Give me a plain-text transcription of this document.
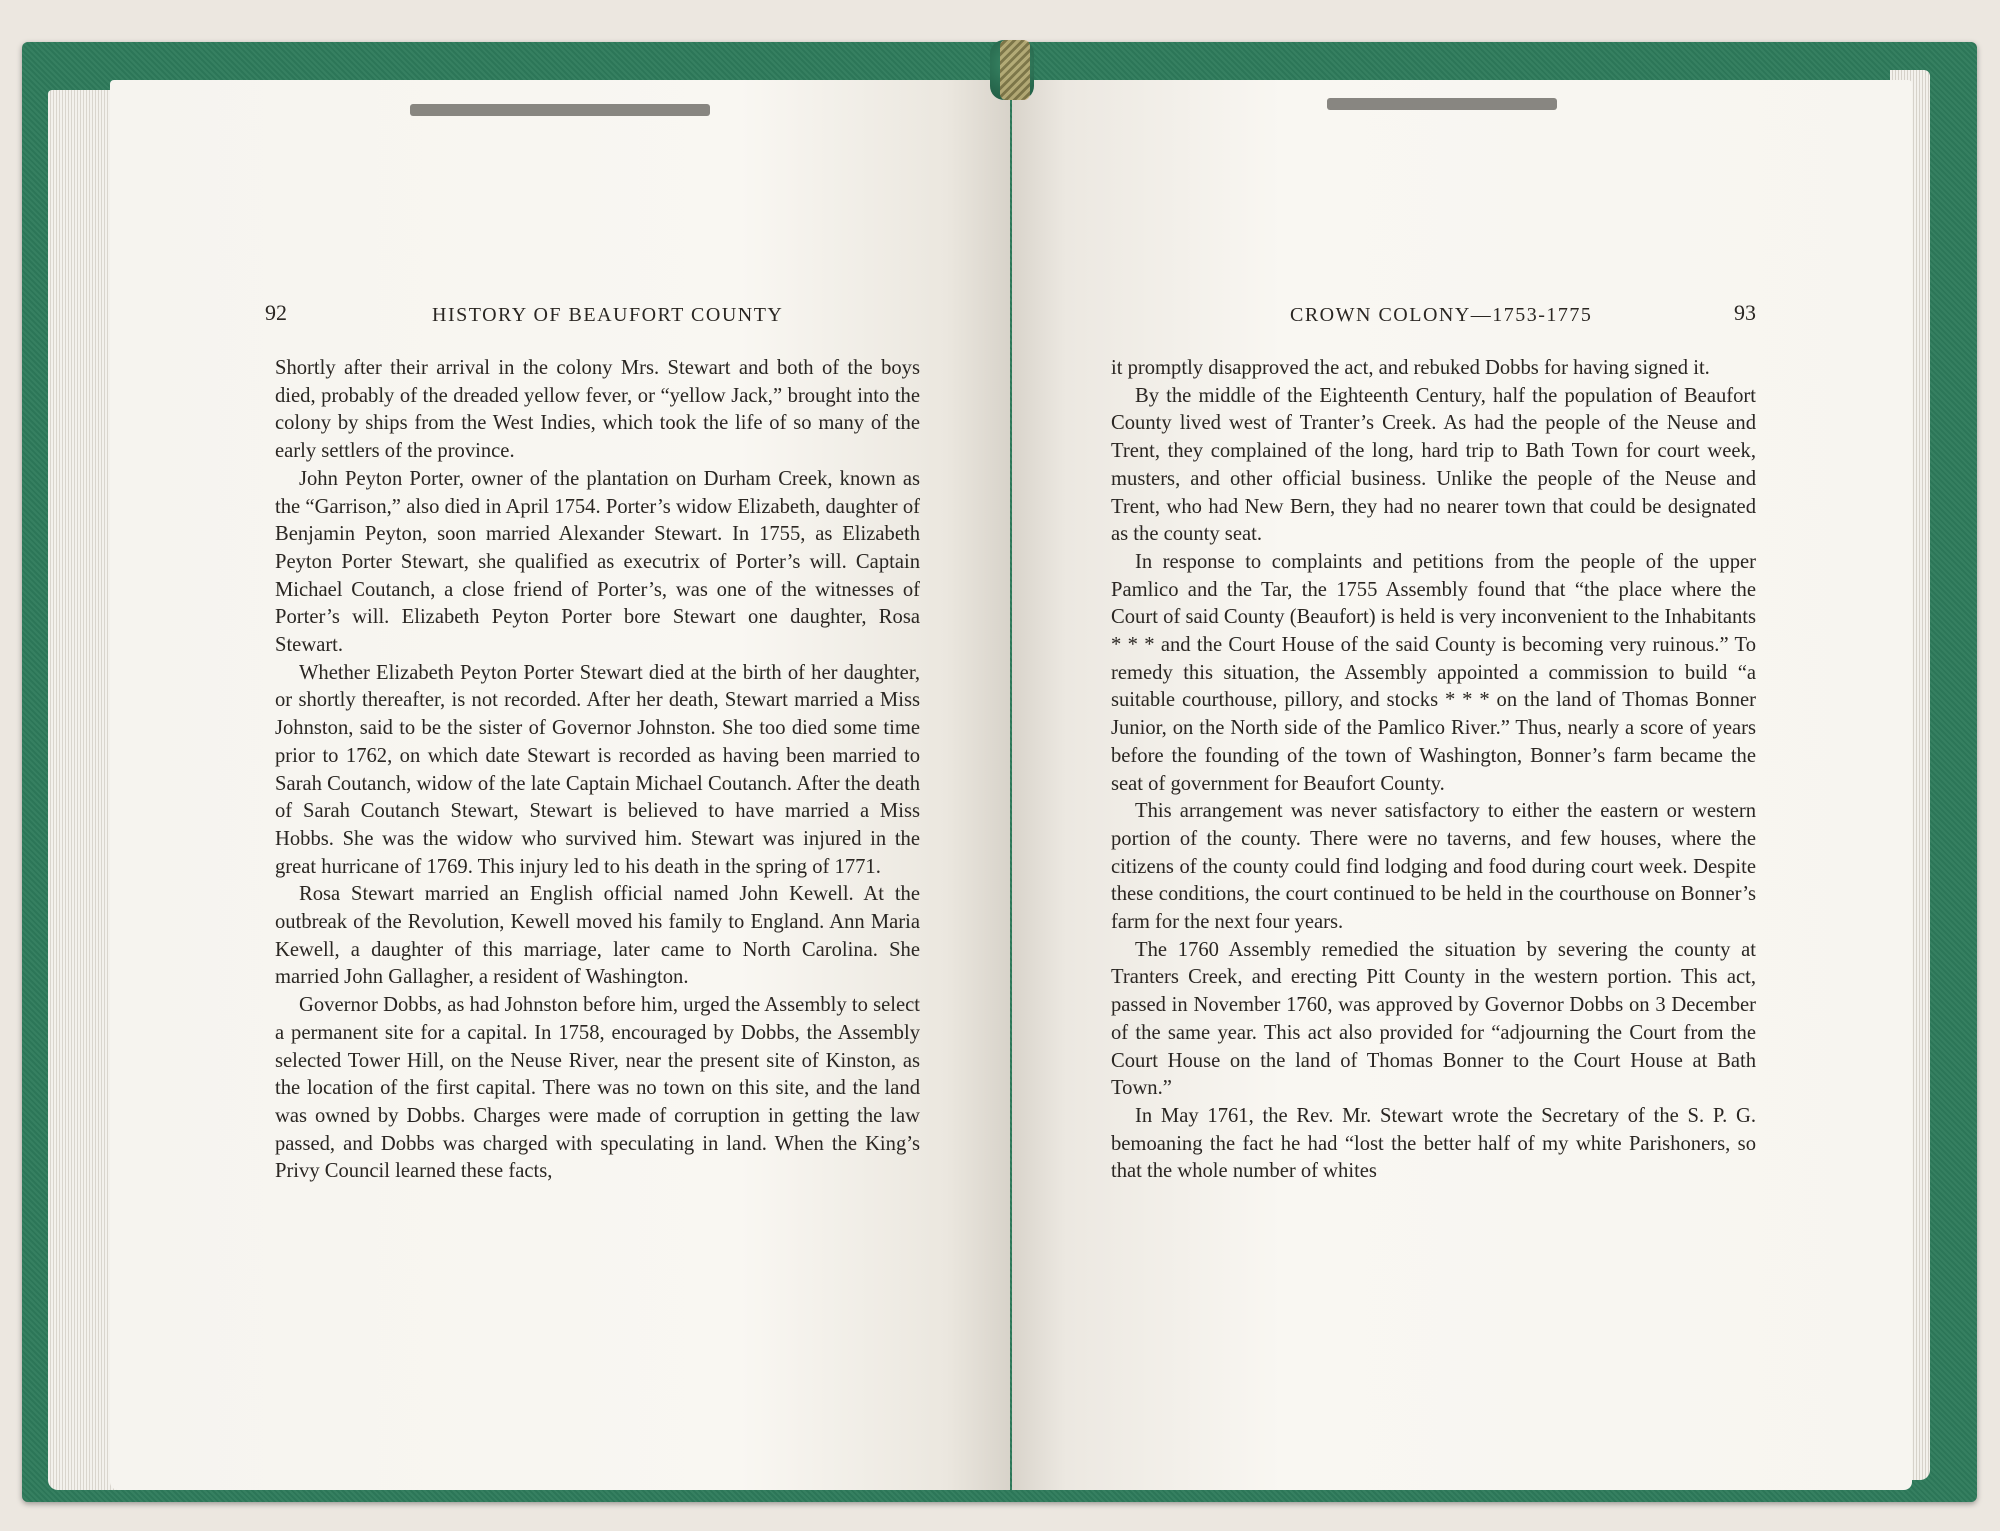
92	HISTORY OF BEAUFORT COUNTY

Shortly after their arrival in the colony Mrs. Stewart and both of the boys died, probably of the dreaded yellow fever, or “yellow Jack,” brought into the colony by ships from the West Indies, which took the life of so many of the early settlers of the province.

John Peyton Porter, owner of the plantation on Durham Creek, known as the “Garrison,” also died in April 1754. Porter’s widow Elizabeth, daughter of Benjamin Peyton, soon married Alexander Stewart. In 1755, as Elizabeth Peyton Porter Stewart, she qualified as executrix of Porter’s will. Captain Michael Coutanch, a close friend of Porter’s, was one of the witnesses of Porter’s will. Elizabeth Peyton Porter bore Stewart one daughter, Rosa Stewart.

Whether Elizabeth Peyton Porter Stewart died at the birth of her daughter, or shortly thereafter, is not recorded. After her death, Stewart married a Miss Johnston, said to be the sister of Governor Johnston. She too died some time prior to 1762, on which date Stewart is recorded as having been married to Sarah Coutanch, widow of the late Captain Michael Coutanch. After the death of Sarah Coutanch Stewart, Stewart is believed to have married a Miss Hobbs. She was the widow who survived him. Stewart was injured in the great hurricane of 1769. This injury led to his death in the spring of 1771.

Rosa Stewart married an English official named John Kewell. At the outbreak of the Revolution, Kewell moved his family to England. Ann Maria Kewell, a daughter of this marriage, later came to North Carolina. She married John Gallagher, a resident of Washington.

Governor Dobbs, as had Johnston before him, urged the Assembly to select a permanent site for a capital. In 1758, encouraged by Dobbs, the Assembly selected Tower Hill, on the Neuse River, near the present site of Kinston, as the location of the first capital. There was no town on this site, and the land was owned by Dobbs. Charges were made of corruption in getting the law passed, and Dobbs was charged with speculating in land. When the King’s Privy Council learned these facts,

CROWN COLONY—1753-1775	93

it promptly disapproved the act, and rebuked Dobbs for having signed it.

By the middle of the Eighteenth Century, half the population of Beaufort County lived west of Tranter’s Creek. As had the people of the Neuse and Trent, they complained of the long, hard trip to Bath Town for court week, musters, and other official business. Unlike the people of the Neuse and Trent, who had New Bern, they had no nearer town that could be designated as the county seat.

In response to complaints and petitions from the people of the upper Pamlico and the Tar, the 1755 Assembly found that “the place where the Court of said County (Beaufort) is held is very inconvenient to the Inhabitants * * * and the Court House of the said County is becoming very ruinous.” To remedy this situation, the Assembly appointed a commission to build “a suitable courthouse, pillory, and stocks * * * on the land of Thomas Bonner Junior, on the North side of the Pamlico River.” Thus, nearly a score of years before the founding of the town of Washington, Bonner’s farm became the seat of government for Beaufort County.

This arrangement was never satisfactory to either the eastern or western portion of the county. There were no taverns, and few houses, where the citizens of the county could find lodging and food during court week. Despite these conditions, the court continued to be held in the courthouse on Bonner’s farm for the next four years.

The 1760 Assembly remedied the situation by severing the county at Tranters Creek, and erecting Pitt County in the western portion. This act, passed in November 1760, was approved by Governor Dobbs on 3 December of the same year. This act also provided for “adjourning the Court from the Court House on the land of Thomas Bonner to the Court House at Bath Town.”

In May 1761, the Rev. Mr. Stewart wrote the Secretary of the S. P. G. bemoaning the fact he had “lost the better half of my white Parishoners, so that the whole number of whites
